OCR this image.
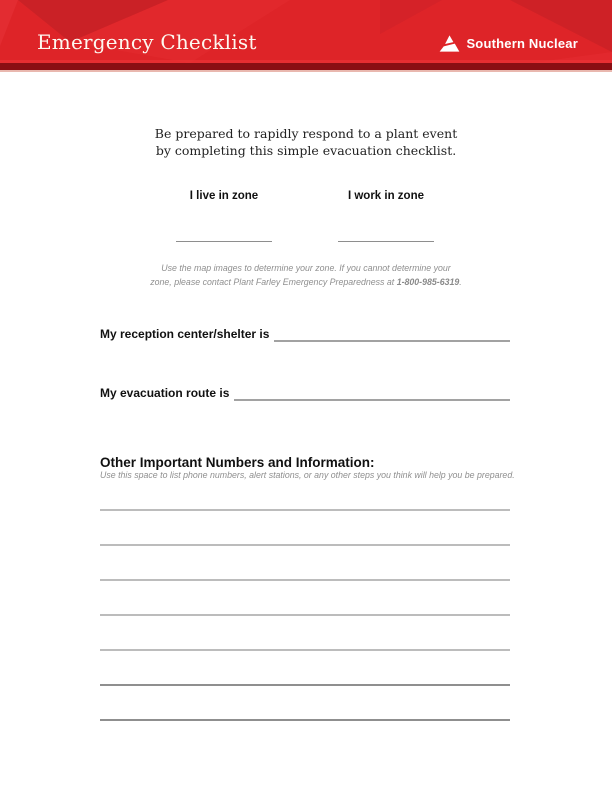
Emergency Checklist	Southern Nuclear

Be prepared to rapidly respond to a plant event
by completing this simple evacuation checklist.

I live in zone	I work in zone

Use the map images to determine your zone. If you cannot determine your
zone, please contact Plant Farley Emergency Preparedness at 1-800-985-6319.

My reception center/shelter is
My evacuation route is
Other Important Numbers and Information:

Use this space to list phone numbers, alert stations, or any other steps you think will help you be prepared.
